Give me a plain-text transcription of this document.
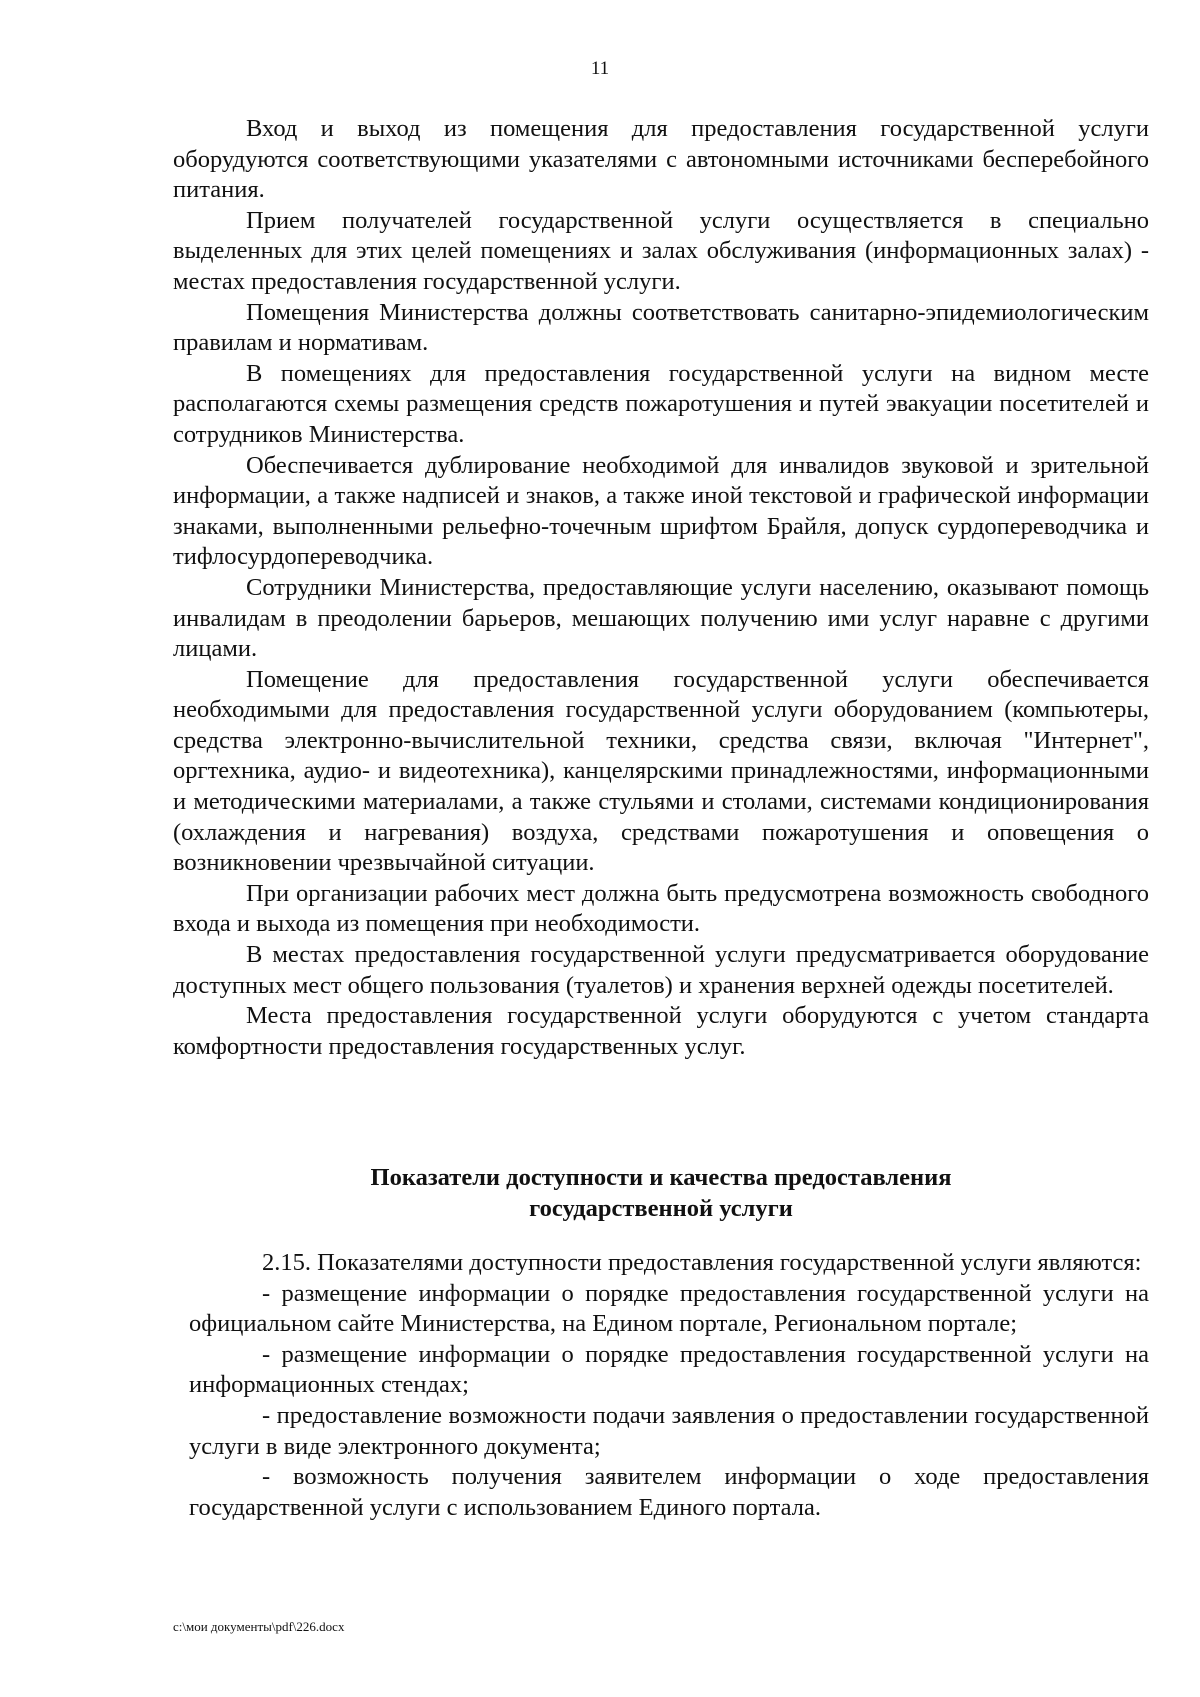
11

Вход и выход из помещения для предоставления государственной услуги оборудуются соответствующими указателями с автономными источниками бесперебойного питания.

Прием получателей государственной услуги осуществляется в специально выделенных для этих целей помещениях и залах обслуживания (информационных залах) - местах предоставления государственной услуги.

Помещения Министерства должны соответствовать санитарно-эпидемиологическим правилам и нормативам.

В помещениях для предоставления государственной услуги на видном месте располагаются схемы размещения средств пожаротушения и путей эвакуации посетителей и сотрудников Министерства.

Обеспечивается дублирование необходимой для инвалидов звуковой и зрительной информации, а также надписей и знаков, а также иной текстовой и графической информации знаками, выполненными рельефно-точечным шрифтом Брайля, допуск сурдопереводчика и тифлосурдопереводчика.

Сотрудники Министерства, предоставляющие услуги населению, оказывают помощь инвалидам в преодолении барьеров, мешающих получению ими услуг наравне с другими лицами.

Помещение для предоставления государственной услуги обеспечивается необходимыми для предоставления государственной услуги оборудованием (компьютеры, средства электронно-вычислительной техники, средства связи, включая "Интернет", оргтехника, аудио- и видеотехника), канцелярскими принадлежностями, информационными и методическими материалами, а также стульями и столами, системами кондиционирования (охлаждения и нагревания) воздуха, средствами пожаротушения и оповещения о возникновении чрезвычайной ситуации.

При организации рабочих мест должна быть предусмотрена возможность свободного входа и выхода из помещения при необходимости.

В местах предоставления государственной услуги предусматривается оборудование доступных мест общего пользования (туалетов) и хранения верхней одежды посетителей.

Места предоставления государственной услуги оборудуются с учетом стандарта комфортности предоставления государственных услуг.

Показатели доступности и качества предоставления
государственной услуги

2.15. Показателями доступности предоставления государственной услуги являются:

- размещение информации о порядке предоставления государственной услуги на официальном сайте Министерства, на Едином портале, Региональном портале;

- размещение информации о порядке предоставления государственной услуги на информационных стендах;

- предоставление возможности подачи заявления о предоставлении государственной услуги в виде электронного документа;

- возможность получения заявителем информации о ходе предоставления государственной услуги с использованием Единого портала.

c:\мои документы\pdf\226.docx
